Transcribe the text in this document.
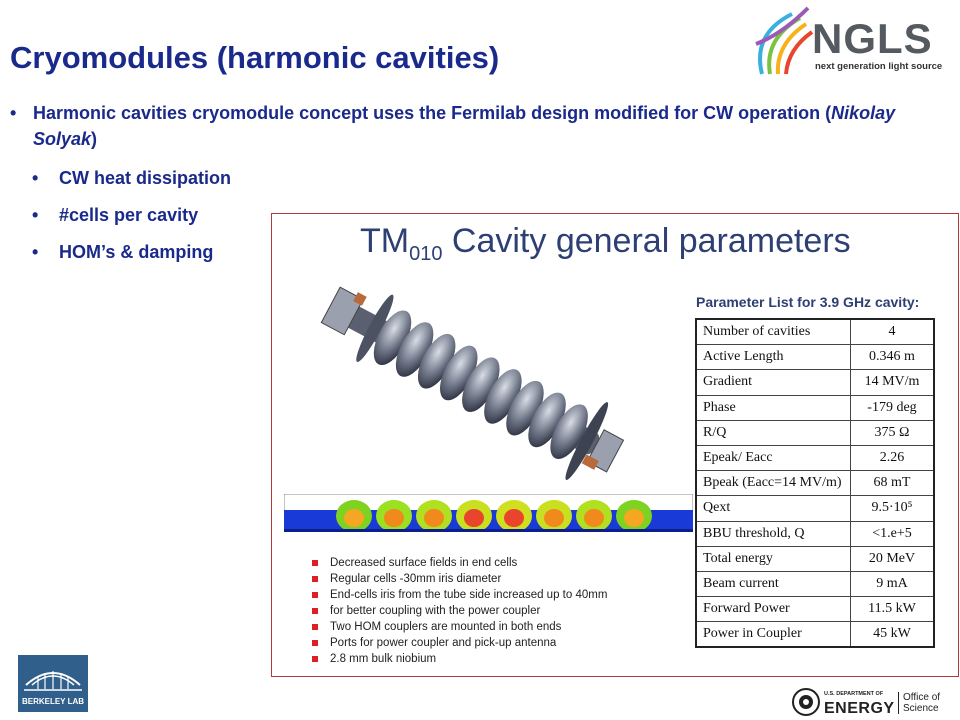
Cryomodules (harmonic cavities)	NGLS
next generation light source
• Harmonic cavities cryomodule concept uses the Fermilab design modified for CW operation (Nikolay Solyak)
• CW heat dissipation
• #cells per cavity
• HOM’s & damping	$TM_{010}$ Cavity general parameters
Decreased surface fields in end cells
Regular cells -30mm iris diameter
End-cells iris from the tube side increased up to 40mm
for better coupling with the power coupler
Two HOM couplers are mounted in both ends
Ports for power coupler and pick-up antenna
2.8 mm bulk niobium
Parameter List for 3.9 GHz cavity:
Number of cavities	4
Active Length	0.346 m
Gradient	14 MV/m
Phase	-179 deg
R/Q	375 Ω
Epeak/ Eacc	2.26
Bpeak (Eacc=14 MV/m)	68 mT
Qext	9.5·10⁵
BBU threshold, Q	<1.e+5
Total energy	20 MeV
Beam current	9 mA
Forward Power	11.5 kW
Power in Coupler	45 kW
BERKELEY LAB
U.S. DEPARTMENT OF
ENERGY
Office of
Science
